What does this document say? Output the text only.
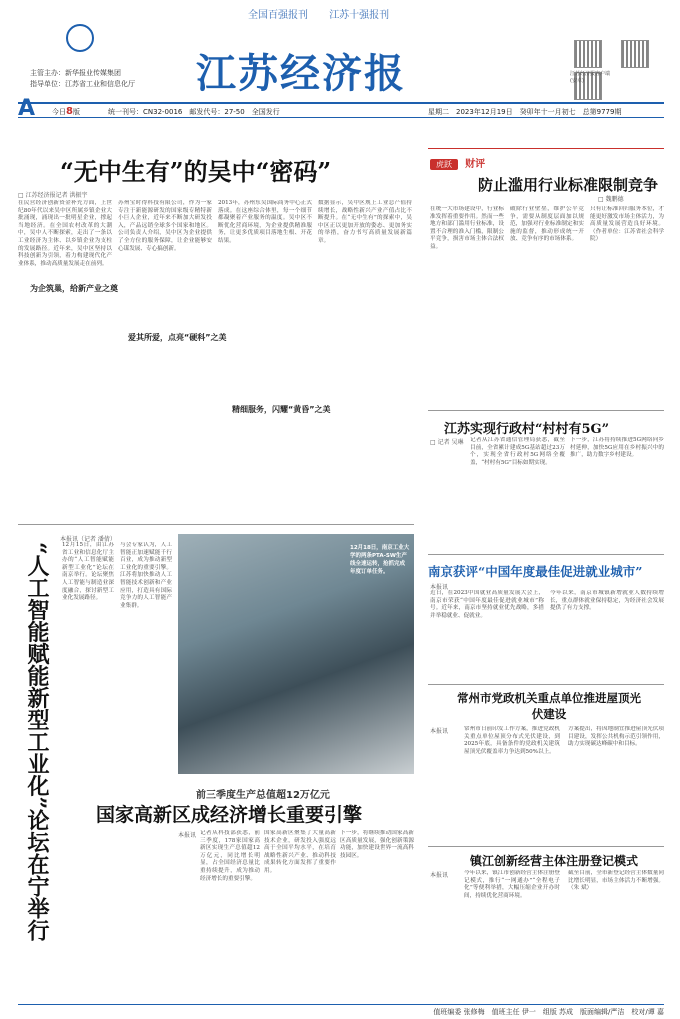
全国百强报刊 江苏十强报刊
主管主办：新华报业传媒集团
指导单位：江苏省工业和信息化厅 江苏经济报
	江苏经济报客户端(安卓)
A 今日8版	统一刊号：CN32-0016　邮发代号：27-50　全国发行	星期二　2023年12月19日　癸卯年十一月初七　总第9779期
“无中生有”的吴中“密码”
□ 江苏经济报记者 洪振宇
在民营经济创新资金补充方面，上世纪80年代以来吴中区所属乡镇企业大批涌现，涌现出一批明星企业，撑起当地经济。在全国农村改革的大潮中，吴中人不断探索，走出了一条以工业经济为主体、以乡镇企业为支柱的发展路径。近年来，吴中区坚持以科技创新为引领，着力构建现代化产业体系，推动高质量发展走在前列。
为企筑巢，给新产业之奠
苏州宝时得科技有限公司，作为一家专注于新能源研发的国家级专精特新小巨人企业，近年来不断加大研发投入，产品远销全球多个国家和地区。公司负责人介绍，吴中区为企业提供了全方位的服务保障，让企业能够安心谋发展、专心搞创新。
爱其所爱，点亮“硬科”之美
2013年，苏州东吴国际商务中心正式落成。在这座综合体里，每一个细节都凝聚着产业服务的温度。吴中区不断优化营商环境，为企业提供精准服务，让更多优质项目落地生根、开花结果。
精细服务，闪耀“黄昏”之美
数据显示，吴中区规上工业总产值持续增长，战略性新兴产业产值占比不断提升。在“无中生有”的探索中，吴中区正以更加开放的姿态、更加务实的举措，奋力书写高质量发展新篇章。
虎跃 财评
防止滥用行业标准限制竞争
□ 魏鹏德
在统一大市场建设中，行业标准发挥着重要作用。然而一些地方和部门滥用行业标准，设置不合理的准入门槛，限制公平竞争，损害市场主体合法权益。
破除行业壁垒，维护公平竞争，需要从制度层面加以规范，加强对行业标准制定和实施的监督，推动形成统一开放、竞争有序的市场体系。
只有让标准回归服务本位，才能更好激发市场主体活力，为高质量发展营造良好环境。（作者单位：江苏省社会科学院）
江苏实现行政村“村村有5G”
□ 记者 吴琳 记者从江苏省通信管理局获悉，截至目前，全省累计建成5G基站超过23万个，实现全省行政村5G网络全覆盖，“村村有5G”目标如期实现。
下一步，江苏将持续推进5G网络向乡村延伸，加快5G应用在乡村振兴中的推广，助力数字乡村建设。
南京获评“中国年度最佳促进就业城市”
本报讯
近日，在2023中国就业高质量发展大会上，南京市荣获“中国年度最佳促进就业城市”称号。近年来，南京市坚持就业优先战略，多措并举稳就业、促就业。
今年以来，南京市城镇新增就业人数持续增长，重点群体就业保持稳定，为经济社会发展提供了有力支撑。
常州市党政机关重点单位推进屋顶光伏建设
本报讯	常州市日前印发工作方案，推进党政机关重点单位屋顶分布式光伏建设，到2025年底，具备条件的党政机关建筑屋顶光伏覆盖率力争达到50%以上。
方案提出，将因地制宜推进屋顶光伏项目建设，发挥公共机构示范引领作用，助力实现碳达峰碳中和目标。
镇江创新经营主体注册登记模式
本报讯	今年以来，镇江市创新经营主体注册登记模式，推行“一网通办”“全程电子化”等便利举措，大幅压缩企业开办时间，持续优化营商环境。
截至目前，全市新登记经营主体数量同比增长明显，市场主体活力不断增强。（朱 斌）
“人工智能赋能新型工业化”论坛在宁举行
本报讯（记者 潘倩）
12月15日，由江苏省工业和信息化厅主办的“人工智能赋能新型工业化”论坛在南京举行。论坛聚焦人工智能与制造业深度融合，探讨新型工业化发展路径。
与会专家认为，人工智能正加速赋能千行百业，成为推动新型工业化的重要引擎。江苏将加快推动人工智能技术创新和产业应用，打造具有国际竞争力的人工智能产业集群。
12月18日，南京工业大学的两条PTA-SW生产线全速运转，抢抓完成年度订单任务。
前三季度生产总值超12万亿元
国家高新区成经济增长重要引擎
本报讯 记者从科技部获悉，前三季度，178家国家高新区实现生产总值超12万亿元，同比增长明显，占全国经济总量比重持续提升，成为推动经济增长的重要引擎。
国家高新区聚集了大量高新技术企业，研发投入强度远高于全国平均水平，在培育战略性新兴产业、推动科技成果转化方面发挥了重要作用。
下一步，将继续推动国家高新区高质量发展，强化创新策源功能，加快建设世界一流高科技园区。
值班编委 张修梅　值班主任 伊一　组版 苏成　版面编辑/严洁　校对/谭 嘉
